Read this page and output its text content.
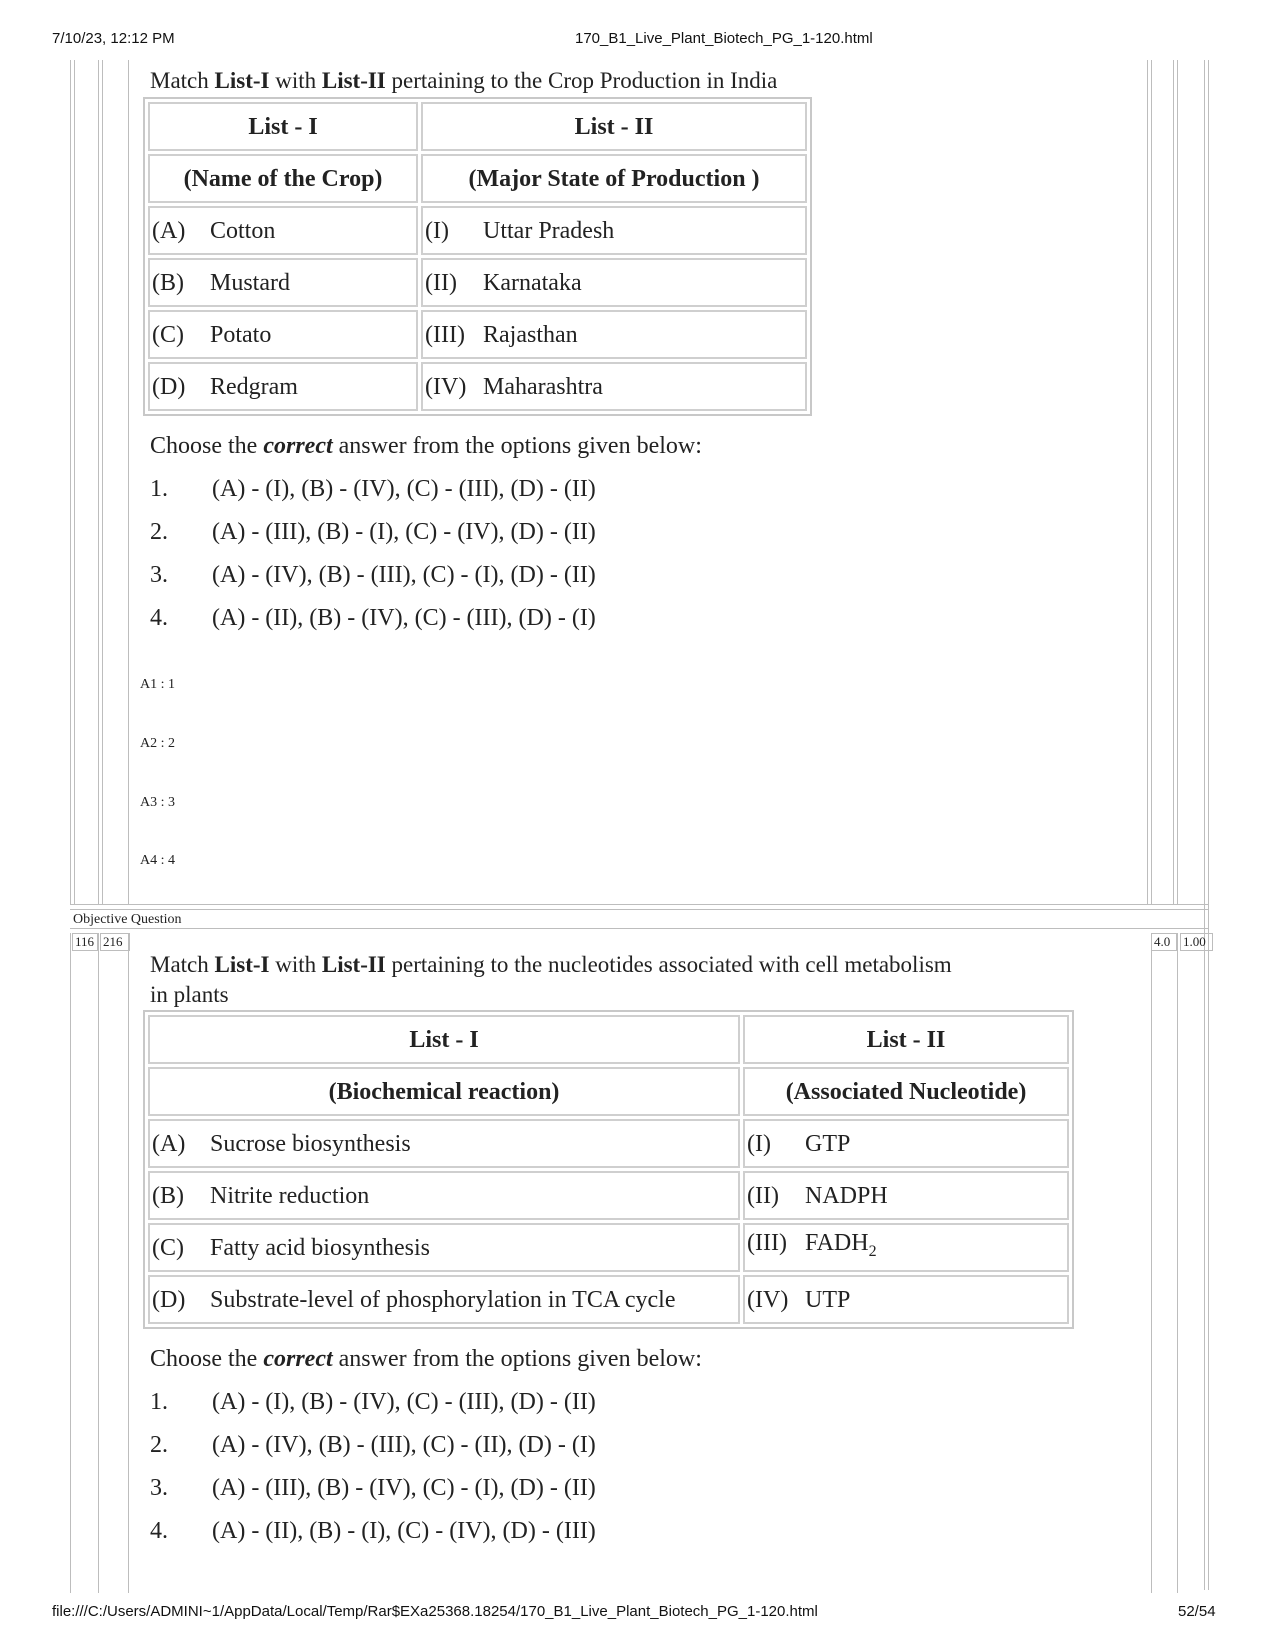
7/10/23, 12:12 PM	170_B1_Live_Plant_Biotech_PG_1-120.html
Match List-I with List-II pertaining to the Crop Production in India
List - I	List - II
(Name of the Crop)	(Major State of Production )
(A) Cotton	(I) Uttar Pradesh
(B) Mustard	(II) Karnataka
(C) Potato	(III) Rajasthan
(D) Redgram	(IV) Maharashtra
Choose the correct answer from the options given below:
1. (A) - (I), (B) - (IV), (C) - (III), (D) - (II)
2. (A) - (III), (B) - (I), (C) - (IV), (D) - (II)
3. (A) - (IV), (B) - (III), (C) - (I), (D) - (II)
4. (A) - (II), (B) - (IV), (C) - (III), (D) - (I)
A1 : 1
A2 : 2
A3 : 3
A4 : 4
Objective Question
116 216	4.0 1.00
Match List-I with List-II pertaining to the nucleotides associated with cell metabolism
in plants
List - I	List - II
(Biochemical reaction)	(Associated Nucleotide)
(A) Sucrose biosynthesis	(I) GTP
(B) Nitrite reduction	(II) NADPH
(C) Fatty acid biosynthesis	(III) $FADH_2$
(D) Substrate-level of phosphorylation in TCA cycle	(IV) UTP
Choose the correct answer from the options given below:
1. (A) - (I), (B) - (IV), (C) - (III), (D) - (II)
2. (A) - (IV), (B) - (III), (C) - (II), (D) - (I)
3. (A) - (III), (B) - (IV), (C) - (I), (D) - (II)
4. (A) - (II), (B) - (I), (C) - (IV), (D) - (III)
file:///C:/Users/ADMINI~1/AppData/Local/Temp/Rar$EXa25368.18254/170_B1_Live_Plant_Biotech_PG_1-120.html	52/54
